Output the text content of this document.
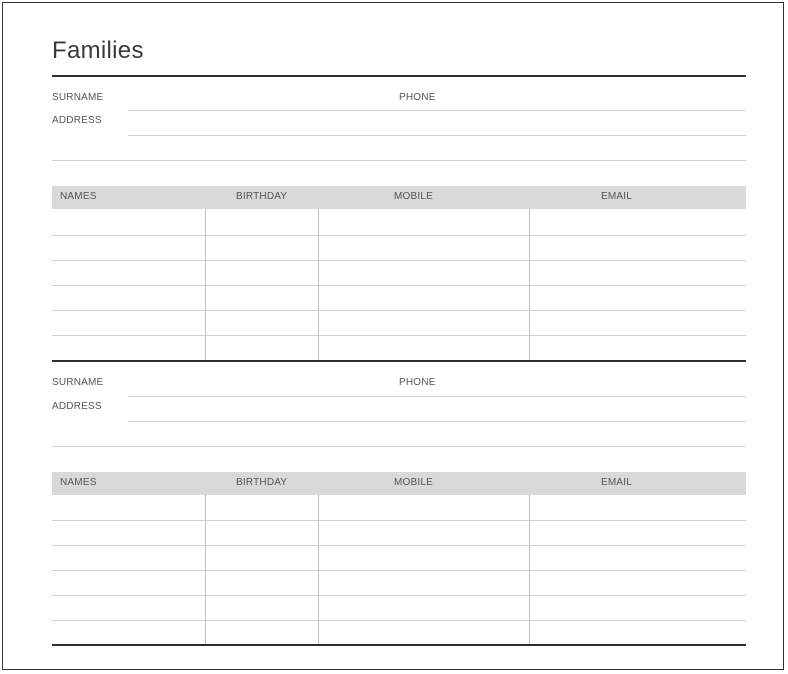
Families
SURNAME	PHONE
ADDRESS
NAMES	BIRTHDAY	MOBILE	EMAIL
SURNAME	PHONE
ADDRESS
NAMES	BIRTHDAY	MOBILE	EMAIL
